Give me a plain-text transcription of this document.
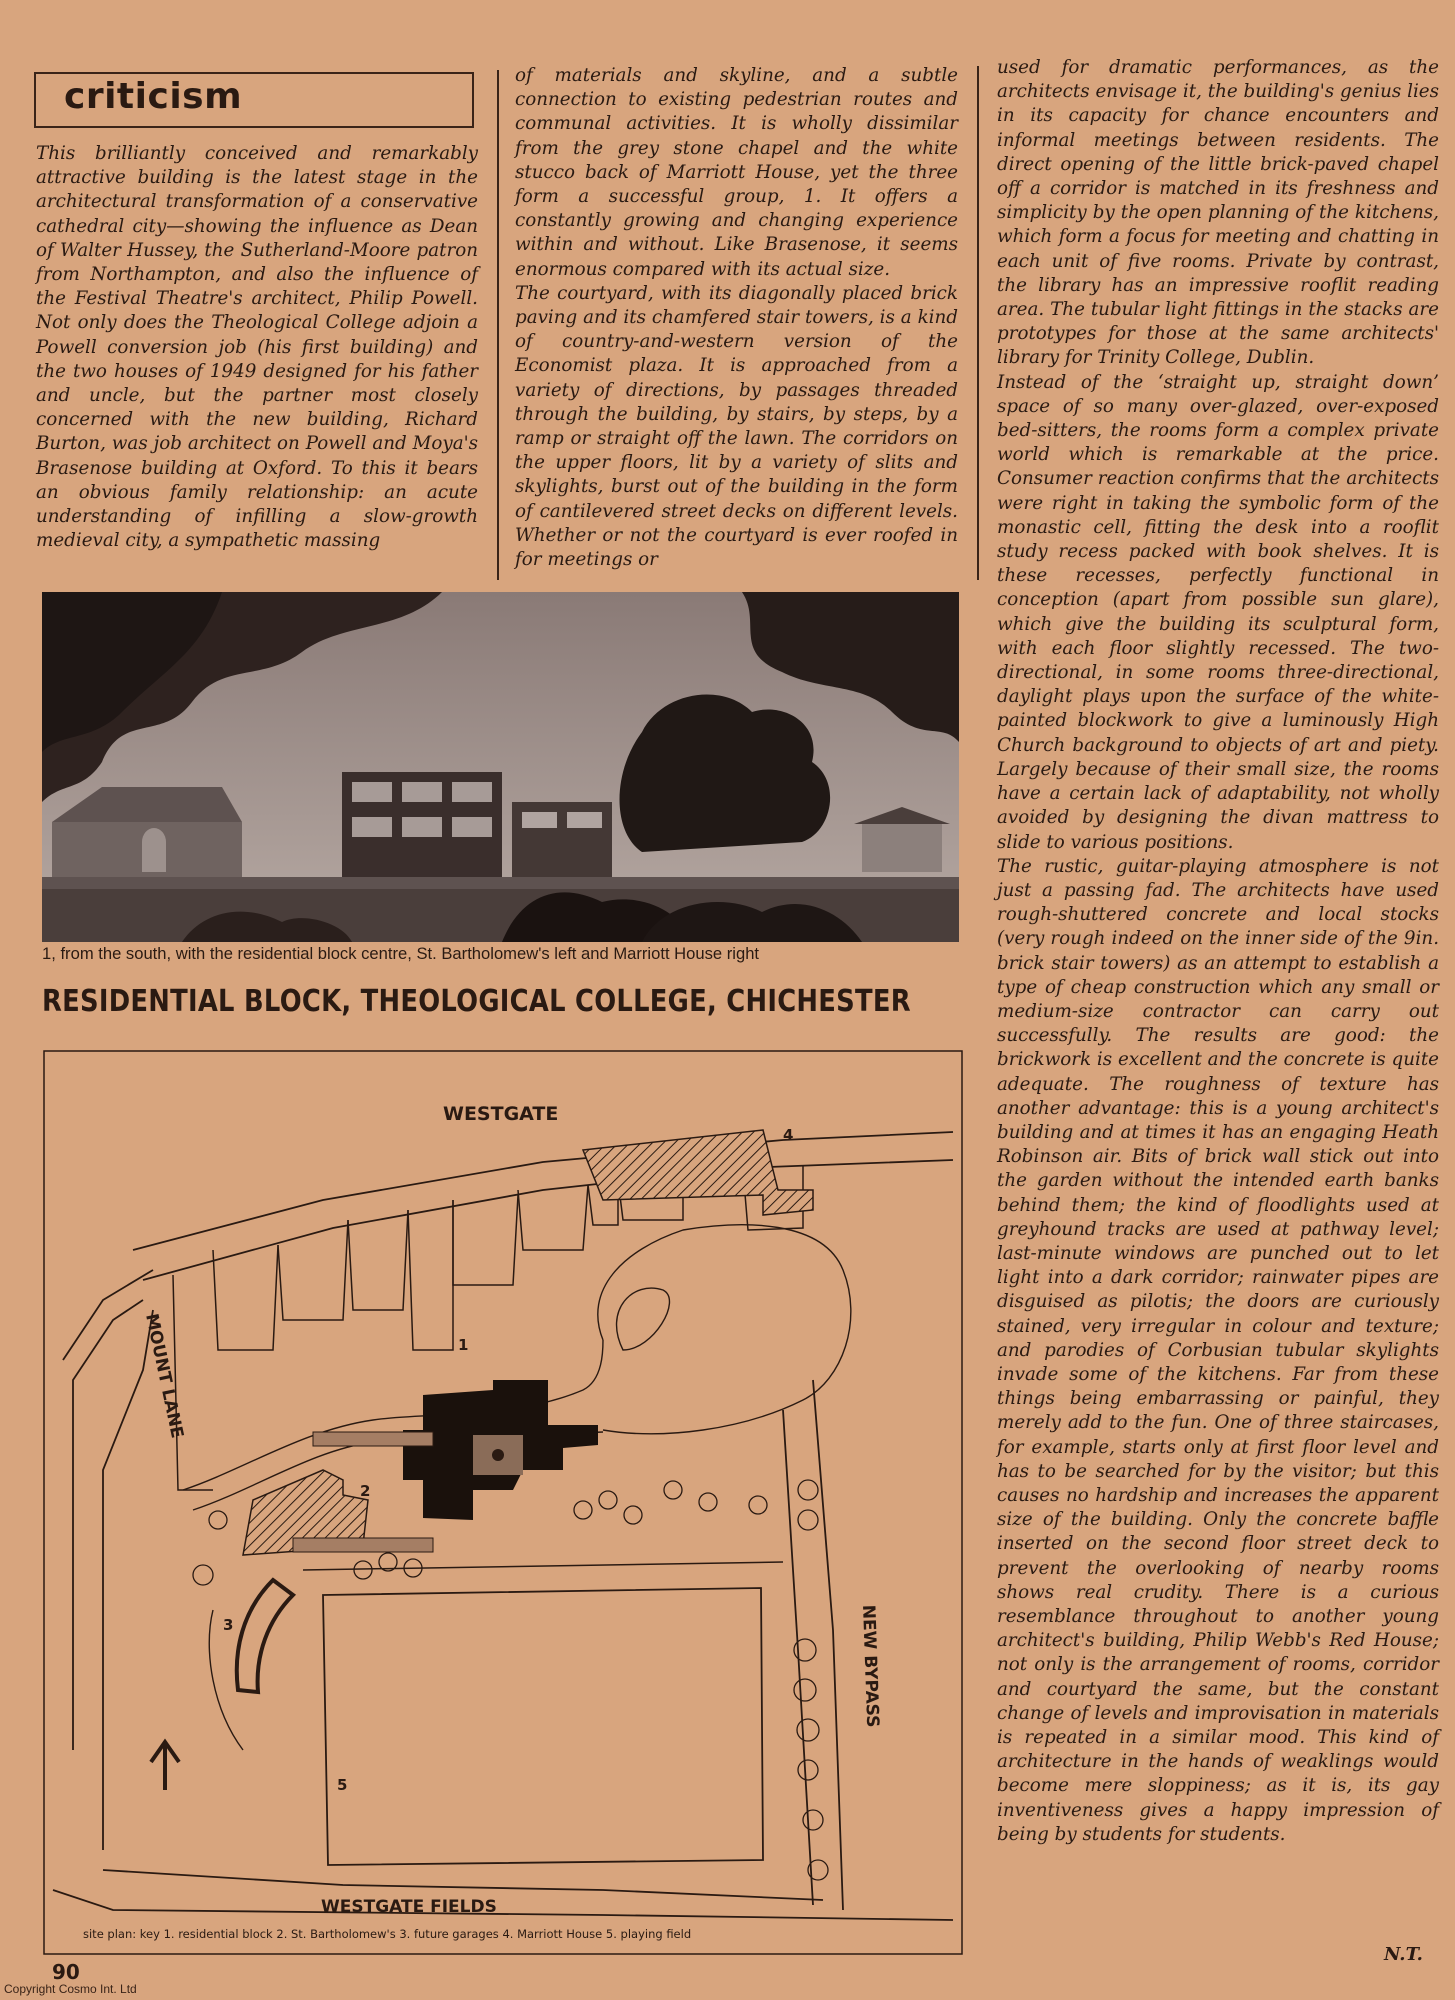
criticism

This brilliantly conceived and remarkably attractive building is the latest stage in the architectural transformation of a conservative cathedral city—showing the influence as Dean of Walter Hussey, the Sutherland-Moore patron from Northampton, and also the influence of the Festival Theatre's architect, Philip Powell. Not only does the Theological College adjoin a Powell conversion job (his first building) and the two houses of 1949 designed for his father and uncle, but the partner most closely concerned with the new building, Richard Burton, was job architect on Powell and Moya's Brasenose building at Oxford. To this it bears an obvious family relationship: an acute understanding of infilling a slow-growth medieval city, a sympathetic massing

of materials and skyline, and a subtle connection to existing pedestrian routes and communal activities. It is wholly dissimilar from the grey stone chapel and the white stucco back of Marriott House, yet the three form a successful group, 1. It offers a constantly growing and changing experience within and without. Like Brasenose, it seems enormous compared with its actual size.

The courtyard, with its diagonally placed brick paving and its chamfered stair towers, is a kind of country-and-western version of the Economist plaza. It is approached from a variety of directions, by passages threaded through the building, by stairs, by steps, by a ramp or straight off the lawn. The corridors on the upper floors, lit by a variety of slits and skylights, burst out of the building in the form of cantilevered street decks on different levels. Whether or not the courtyard is ever roofed in for meetings or

used for dramatic performances, as the architects envisage it, the building's genius lies in its capacity for chance encounters and informal meetings between residents. The direct opening of the little brick-paved chapel off a corridor is matched in its freshness and simplicity by the open planning of the kitchens, which form a focus for meeting and chatting in each unit of five rooms. Private by contrast, the library has an impressive rooflit reading area. The tubular light fittings in the stacks are prototypes for those at the same architects' library for Trinity College, Dublin.

Instead of the ‘straight up, straight down’ space of so many over-glazed, over-exposed bed-sitters, the rooms form a complex private world which is remarkable at the price. Consumer reaction confirms that the architects were right in taking the symbolic form of the monastic cell, fitting the desk into a rooflit study recess packed with book shelves. It is these recesses, perfectly functional in conception (apart from possible sun glare), which give the building its sculptural form, with each floor slightly recessed. The two-directional, in some rooms three-directional, daylight plays upon the surface of the white-painted blockwork to give a luminously High Church background to objects of art and piety. Largely because of their small size, the rooms have a certain lack of adaptability, not wholly avoided by designing the divan mattress to slide to various positions.

The rustic, guitar-playing atmosphere is not just a passing fad. The architects have used rough-shuttered concrete and local stocks (very rough indeed on the inner side of the 9in. brick stair towers) as an attempt to establish a type of cheap construction which any small or medium-size contractor can carry out successfully. The results are good: the brickwork is excellent and the concrete is quite adequate. The roughness of texture has another advantage: this is a young architect's building and at times it has an engaging Heath Robinson air. Bits of brick wall stick out into the garden without the intended earth banks behind them; the kind of floodlights used at greyhound tracks are used at pathway level; last-minute windows are punched out to let light into a dark corridor; rainwater pipes are disguised as pilotis; the doors are curiously stained, very irregular in colour and texture; and parodies of Corbusian tubular skylights invade some of the kitchens. Far from these things being embarrassing or painful, they merely add to the fun. One of three staircases, for example, starts only at first floor level and has to be searched for by the visitor; but this causes no hardship and increases the apparent size of the building. Only the concrete baffle inserted on the second floor street deck to prevent the overlooking of nearby rooms shows real crudity. There is a curious resemblance throughout to another young architect's building, Philip Webb's Red House; not only is the arrangement of rooms, corridor and courtyard the same, but the constant change of levels and improvisation in materials is repeated in a similar mood. This kind of architecture in the hands of weaklings would become mere sloppiness; as it is, its gay inventiveness gives a happy impression of being by students for students.

1, from the south, with the residential block centre, St. Bartholomew's left and Marriott House right
RESIDENTIAL BLOCK, THEOLOGICAL COLLEGE, CHICHESTER
WESTGATE
MOUNT LANE
NEW BYPASS
WESTGATE FIELDS
1
2
3
4
5
site plan: key 1. residential block 2. St. Bartholomew's 3. future garages 4. Marriott House 5. playing field
N.T.
90
Copyright Cosmo Int. Ltd
